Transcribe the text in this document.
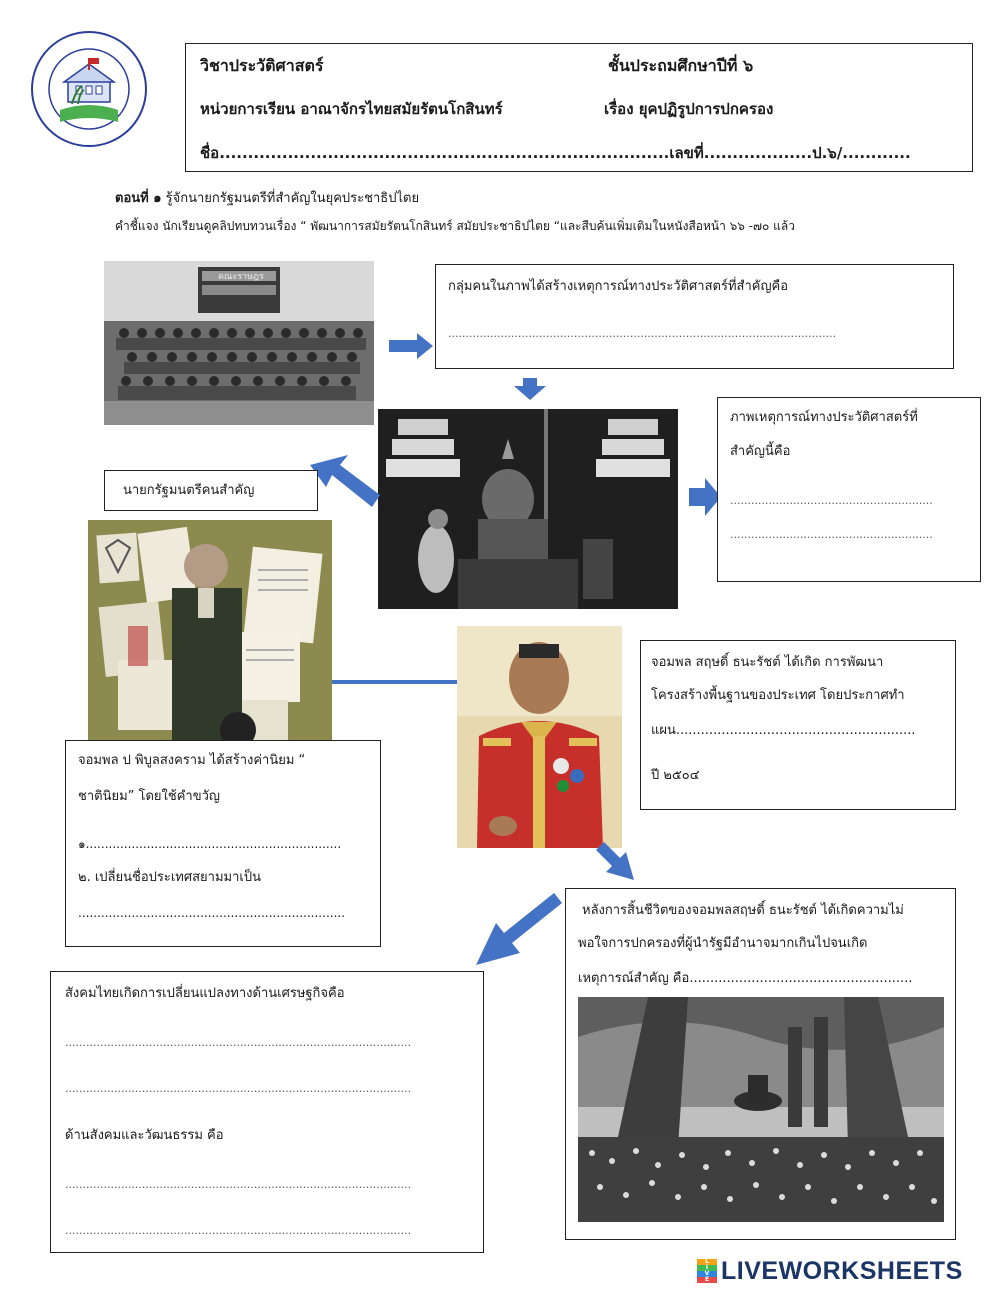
วิชาประวัติศาสตร์	ชั้นประถมศึกษาปีที่ ๖
หน่วยการเรียน อาณาจักรไทยสมัยรัตนโกสินทร์	เรื่อง ยุคปฏิรูปการปกครอง
ชื่อ...............................................................................เลขที่...................ป.๖/............
ตอนที่ ๑ รู้จักนายกรัฐมนตรีที่สำคัญในยุคประชาธิปไตย
คำชี้แจง นักเรียนดูคลิปทบทวนเรื่อง “ พัฒนาการสมัยรัตนโกสินทร์ สมัยประชาธิปไตย “และสืบค้นเพิ่มเติมในหนังสือหน้า ๖๖ -๗๐ แล้ว
คณะราษฎร
กลุ่มคนในภาพได้สร้างเหตุการณ์ทางประวัติศาสตร์ที่สำคัญคือ
...............................................................................................................
ภาพเหตุการณ์ทางประวัติศาสตร์ที่
สำคัญนี้คือ
..........................................................
..........................................................
นายกรัฐมนตรีคนสำคัญ
จอมพล สฤษดิ์ ธนะรัชต์ ได้เกิด การพัฒนา
โครงสร้างพื้นฐานของประเทศ โดยประกาศทำ
แผน..........................................................
ปี ๒๕๐๔
จอมพล ป พิบูลสงคราม ได้สร้างค่านิยม “
ชาตินิยม” โดยใช้คำขวัญ
๑...................................................................
๒. เปลี่ยนชื่อประเทศสยามมาเป็น
......................................................................	หลังการสิ้นชีวิตของจอมพลสฤษดิ์ ธนะรัชต์ ได้เกิดความไม่
พอใจการปกครองที่ผู้นำรัฐมีอำนาจมากเกินไปจนเกิด
เหตุการณ์สำคัญ คือ......................................................
สังคมไทยเกิดการเปลี่ยนแปลงทางด้านเศรษฐกิจคือ
...................................................................................................
...................................................................................................
ด้านสังคมและวัฒนธรรม คือ
...................................................................................................
...................................................................................................
L
I
V
E LIVEWORKSHEETS
